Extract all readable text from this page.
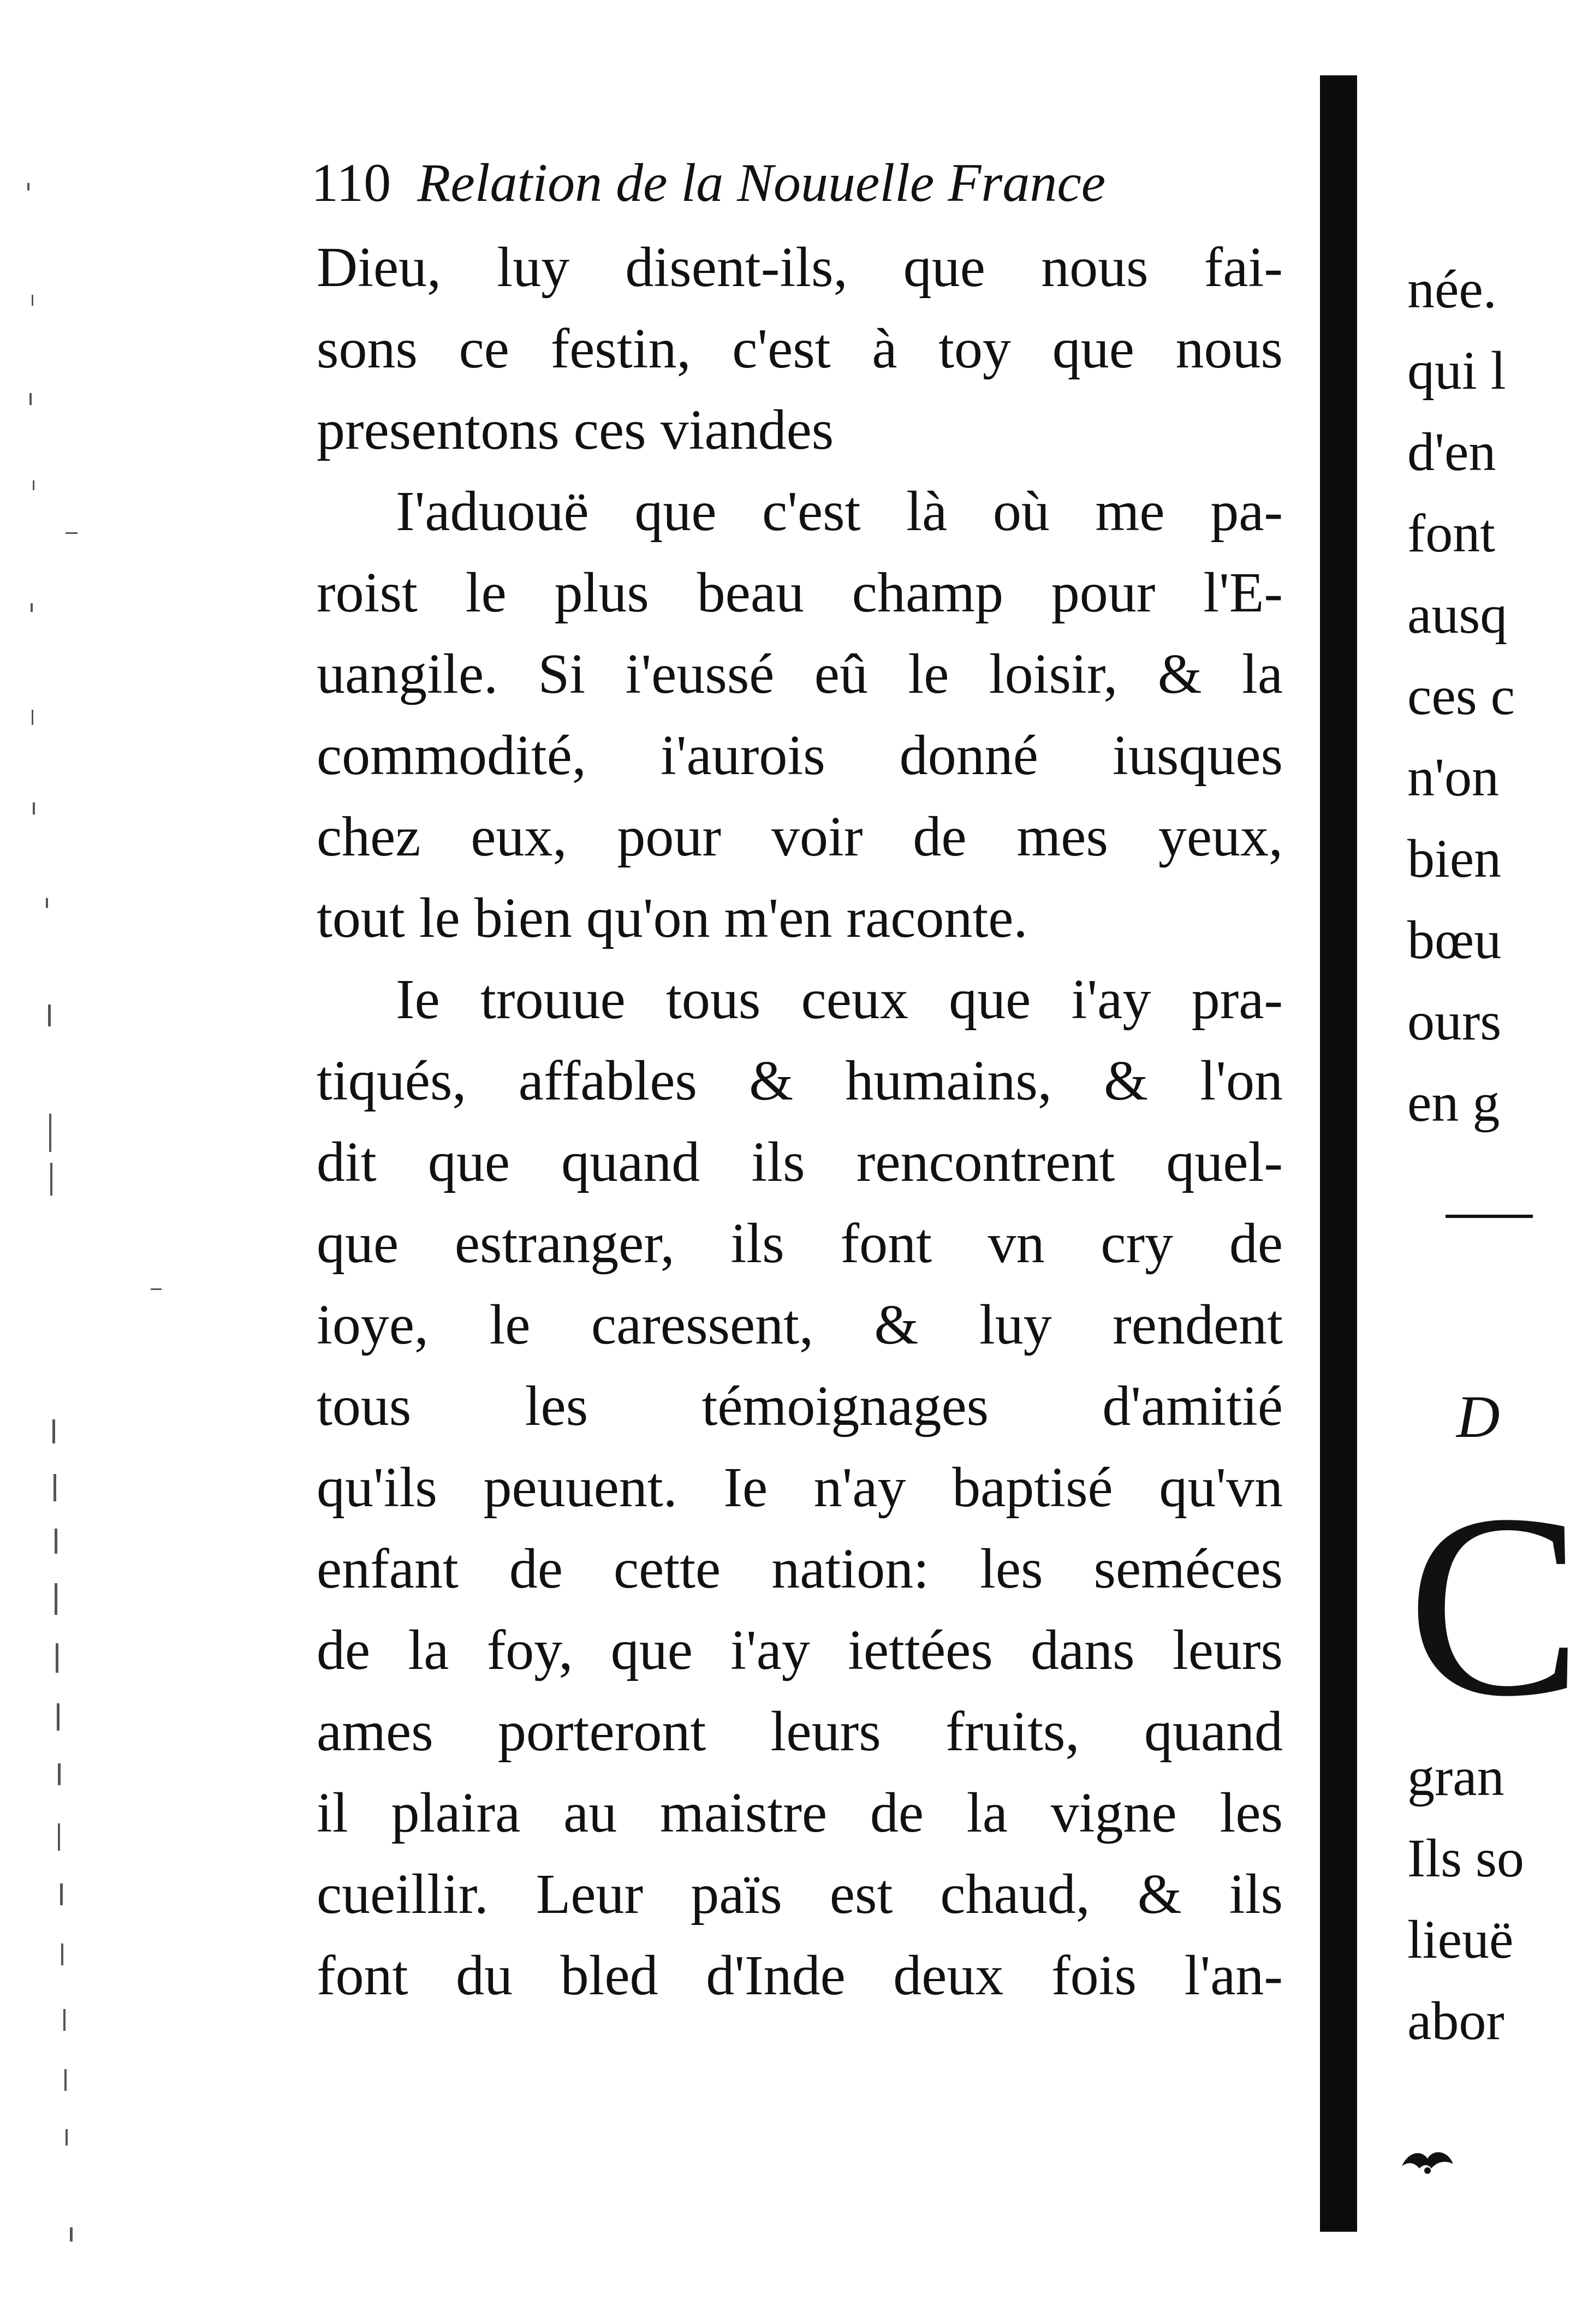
110 Relation de la Nouuelle France
Dieu, luy disent-ils, que nous fai-
sons ce festin, c'est à toy que nous
presentons ces viandes
I'aduouë que c'est là où me pa-
roist le plus beau champ pour l'E-
uangile. Si i'eussé eû le loisir, & la
commodité, i'aurois donné iusques
chez eux, pour voir de mes yeux,
tout le bien qu'on m'en raconte.
Ie trouue tous ceux que i'ay pra-
tiqués, affables & humains, & l'on
dit que quand ils rencontrent quel-
que estranger, ils font vn cry de
ioye, le caressent, & luy rendent
tous les témoignages d'amitié
qu'ils peuuent. Ie n'ay baptisé qu'vn
enfant de cette nation: les seméces
de la foy, que i'ay iettées dans leurs
ames porteront leurs fruits, quand
il plaira au maistre de la vigne les
cueillir. Leur païs est chaud, & ils
font du bled d'Inde deux fois l'an-
née.
qui l
d'en
font
ausq
ces c
n'on
bien
bœu
ours
en g
D
C
gran
Ils so
lieuë
abor
